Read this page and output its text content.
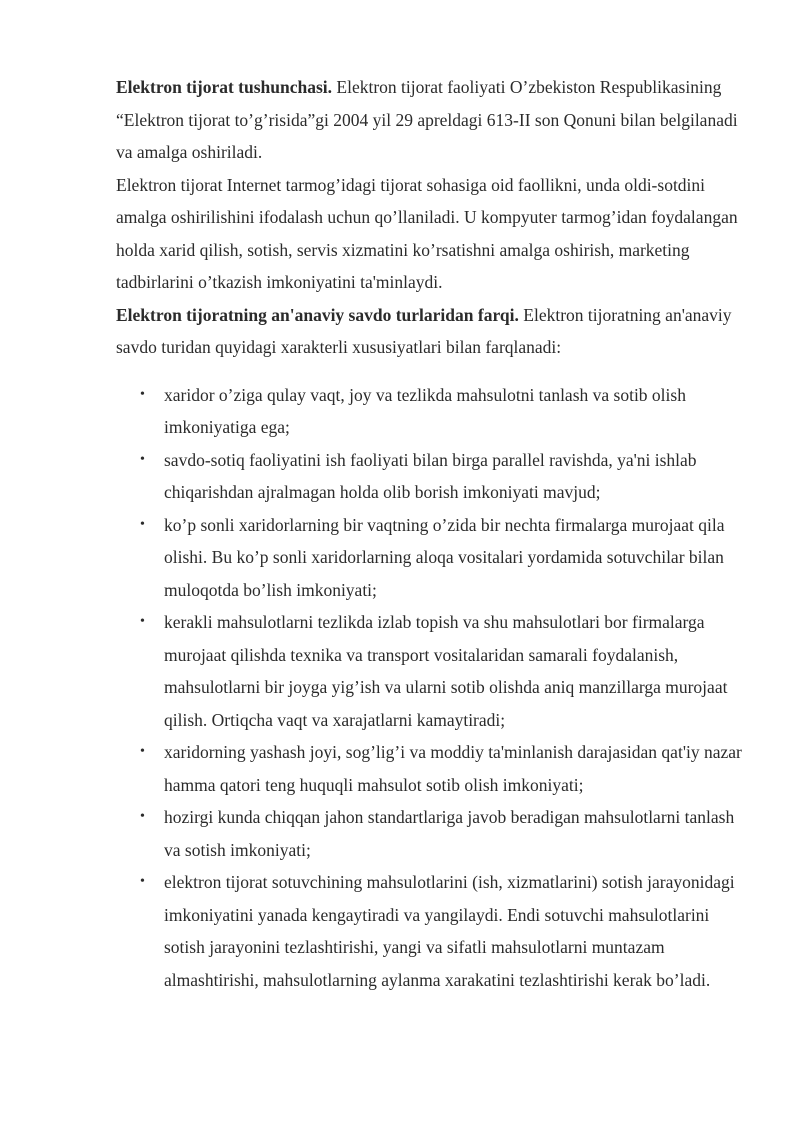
Elektron tijorat tushunchasi. Elektron tijorat faoliyati O’zbekiston Respublikasining “Elektron tijorat to’g’risida”gi 2004 yil 29 apreldagi 613-II son Qonuni bilan belgilanadi va amalga oshiriladi.

Elektron tijorat Internet tarmog’idagi tijorat sohasiga oid faollikni, unda oldi-sotdini amalga oshirilishini ifodalash uchun qo’llaniladi. U kompyuter tarmog’idan foydalangan holda xarid qilish, sotish, servis xizmatini ko’rsatishni amalga oshirish, marketing tadbirlarini o’tkazish imkoniyatini ta'minlaydi.

Elektron tijoratning an'anaviy savdo turlaridan farqi. Elektron tijoratning an'anaviy savdo turidan quyidagi xarakterli xususiyatlari bilan farqlanadi:

• xaridor o’ziga qulay vaqt, joy va tezlikda mahsulotni tanlash va sotib olish imkoniyatiga ega;
• savdo-sotiq faoliyatini ish faoliyati bilan birga parallel ravishda, ya'ni ishlab chiqarishdan ajralmagan holda olib borish imkoniyati mavjud;
• ko’p sonli xaridorlarning bir vaqtning o’zida bir nechta firmalarga murojaat qila olishi. Bu ko’p sonli xaridorlarning aloqa vositalari yordamida sotuvchilar bilan muloqotda bo’lish imkoniyati;
• kerakli mahsulotlarni tezlikda izlab topish va shu mahsulotlari bor firmalarga murojaat qilishda texnika va transport vositalaridan samarali foydalanish, mahsulotlarni bir joyga yig’ish va ularni sotib olishda aniq manzillarga murojaat qilish. Ortiqcha vaqt va xarajatlarni kamaytiradi;
• xaridorning yashash joyi, sog’lig’i va moddiy ta'minlanish darajasidan qat'iy nazar hamma qatori teng huquqli mahsulot sotib olish imkoniyati;
• hozirgi kunda chiqqan jahon standartlariga javob beradigan mahsulotlarni tanlash va sotish imkoniyati;
• elektron tijorat sotuvchining mahsulotlarini (ish, xizmatlarini) sotish jarayonidagi imkoniyatini yanada kengaytiradi va yangilaydi. Endi sotuvchi mahsulotlarini sotish jarayonini tezlashtirishi, yangi va sifatli mahsulotlarni muntazam almashtirishi, mahsulotlarning aylanma xarakatini tezlashtirishi kerak bo’ladi.
